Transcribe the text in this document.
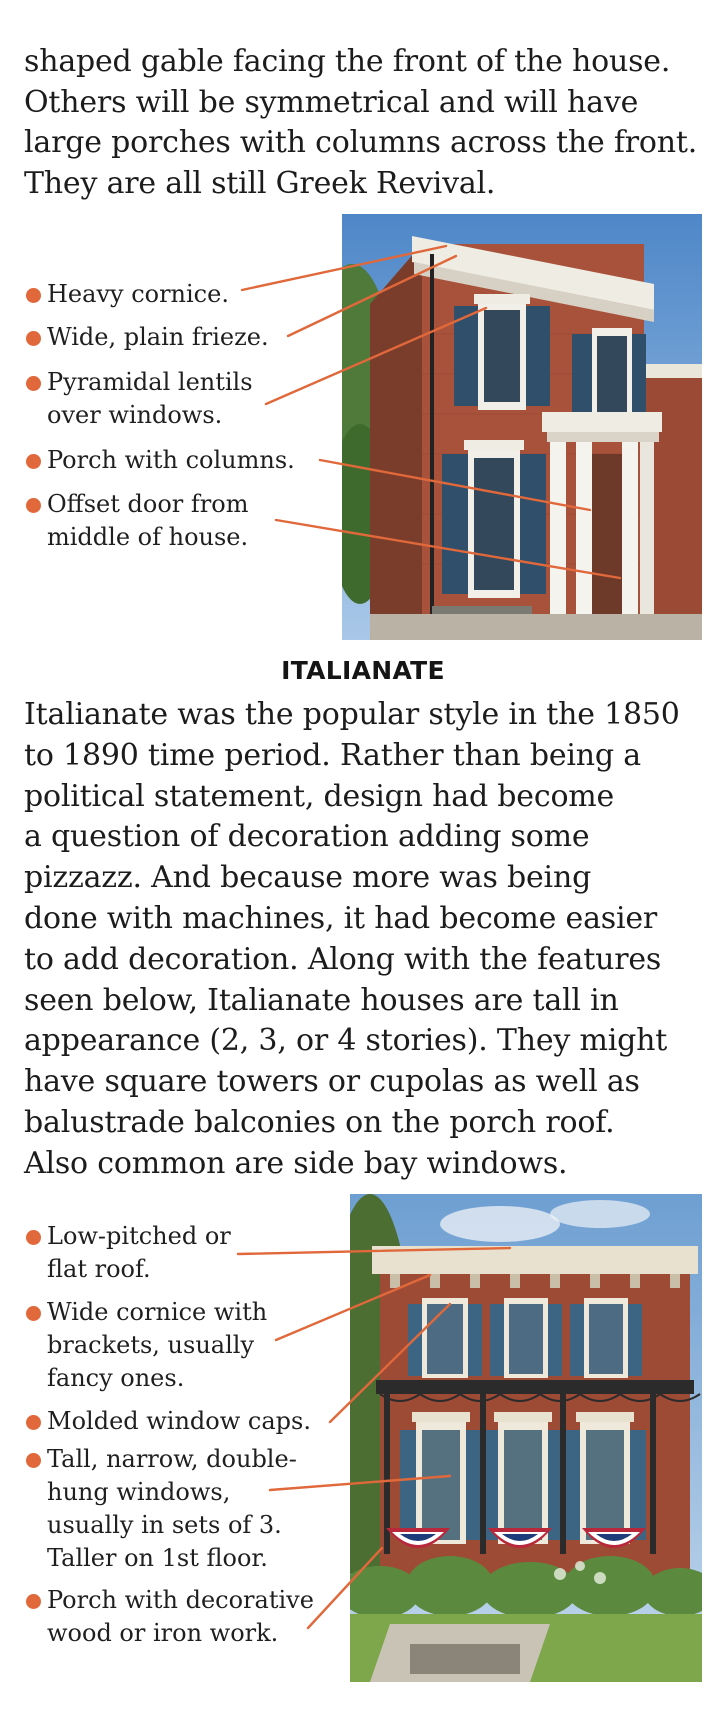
shaped gable facing the front of the house.
Others will be symmetrical and will have
large porches with columns across the front.
They are all still Greek Revival.
Heavy cornice.
Wide, plain frieze.
Pyramidal lentils
over windows.
Porch with columns.
Offset door from
middle of house.
ITALIANATE
Italianate was the popular style in the 1850
to 1890 time period. Rather than being a
political statement, design had become
a question of decoration adding some
pizzazz. And because more was being
done with machines, it had become easier
to add decoration. Along with the features
seen below, Italianate houses are tall in
appearance (2, 3, or 4 stories). They might
have square towers or cupolas as well as
balustrade balconies on the porch roof.
Also common are side bay windows.
Low-pitched or
flat roof.
Wide cornice with
brackets, usually
fancy ones.
Molded window caps.
Tall, narrow, double-
hung windows,
usually in sets of 3.
Taller on 1st floor.
Porch with decorative
wood or iron work.
